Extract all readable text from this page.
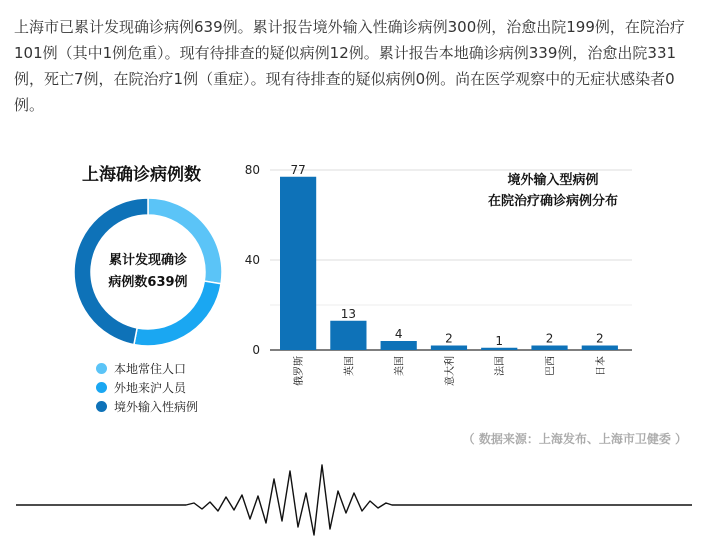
上海市已累计发现确诊病例639例。累计报告境外输入性确诊病例300例，治愈出院199例，在院治疗101例（其中1例危重）。现有待排查的疑似病例12例。累计报告本地确诊病例339例，治愈出院331例，死亡7例，在院治疗1例（重症）。现有待排查的疑似病例0例。尚在医学观察中的无症状感染者0例。

上海确诊病例数
累计发现确诊
病例数639例
本地常住人口
外地来沪人员
境外输入性病例
0
40
80	77
俄罗斯
13
英国
4
美国
2
意大利
1
法国
2
巴西
2
日本
境外输入型病例
在院治疗确诊病例分布
（ 数据来源：上海发布、上海市卫健委 ）
